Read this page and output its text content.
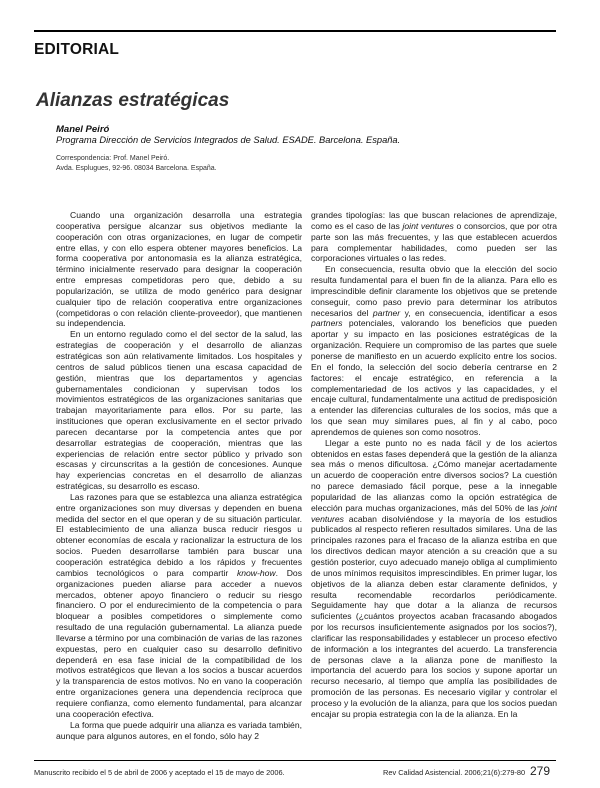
EDITORIAL
Alianzas estratégicas
Manel Peiró
Programa Dirección de Servicios Integrados de Salud. ESADE. Barcelona. España.
Correspondencia: Prof. Manel Peiró.
Avda. Esplugues, 92-96. 08034 Barcelona. España.

Cuando una organización desarrolla una estrategia cooperativa persigue alcanzar sus objetivos mediante la cooperación con otras organizaciones, en lugar de competir entre ellas, y con ello espera obtener mayores beneficios. La forma cooperativa por antonomasia es la alianza estratégica, término inicialmente reservado para designar la cooperación entre empresas competidoras pero que, debido a su popularización, se utiliza de modo genérico para designar cualquier tipo de relación cooperativa entre organizaciones (competidoras o con relación cliente-proveedor), que mantienen su independencia.

En un entorno regulado como el del sector de la salud, las estrategias de cooperación y el desarrollo de alianzas estratégicas son aún relativamente limitados. Los hospitales y centros de salud públicos tienen una escasa capacidad de gestión, mientras que los departamentos y agencias gubernamentales condicionan y supervisan todos los movimientos estratégicos de las organizaciones sanitarias que trabajan mayoritariamente para ellos. Por su parte, las instituciones que operan exclusivamente en el sector privado parecen decantarse por la competencia antes que por desarrollar estrategias de cooperación, mientras que las experiencias de relación entre sector público y privado son escasas y circunscritas a la gestión de concesiones. Aunque hay experiencias concretas en el desarrollo de alianzas estratégicas, su desarrollo es escaso.

Las razones para que se establezca una alianza estratégica entre organizaciones son muy diversas y dependen en buena medida del sector en el que operan y de su situación particular. El establecimiento de una alianza busca reducir riesgos u obtener economías de escala y racionalizar la estructura de los socios. Pueden desarrollarse también para buscar una cooperación estratégica debido a los rápidos y frecuentes cambios tecnológicos o para compartir know-how. Dos organizaciones pueden aliarse para acceder a nuevos mercados, obtener apoyo financiero o reducir su riesgo financiero. O por el endurecimiento de la competencia o para bloquear a posibles competidores o simplemente como resultado de una regulación gubernamental. La alianza puede llevarse a término por una combinación de varias de las razones expuestas, pero en cualquier caso su desarrollo definitivo dependerá en esa fase inicial de la compatibilidad de los motivos estratégicos que llevan a los socios a buscar acuerdos y la transparencia de estos motivos. No en vano la cooperación entre organizaciones genera una dependencia recíproca que requiere confianza, como elemento fundamental, para alcanzar una cooperación efectiva.

La forma que puede adquirir una alianza es variada también, aunque para algunos autores, en el fondo, sólo hay 2

grandes tipologías: las que buscan relaciones de aprendizaje, como es el caso de las joint ventures o consorcios, que por otra parte son las más frecuentes, y las que establecen acuerdos para complementar habilidades, como pueden ser las corporaciones virtuales o las redes.

En consecuencia, resulta obvio que la elección del socio resulta fundamental para el buen fin de la alianza. Para ello es imprescindible definir claramente los objetivos que se pretende conseguir, como paso previo para determinar los atributos necesarios del partner y, en consecuencia, identificar a esos partners potenciales, valorando los beneficios que pueden aportar y su impacto en las posiciones estratégicas de la organización. Requiere un compromiso de las partes que suele ponerse de manifiesto en un acuerdo explícito entre los socios. En el fondo, la selección del socio debería centrarse en 2 factores: el encaje estratégico, en referencia a la complementariedad de los activos y las capacidades, y el encaje cultural, fundamentalmente una actitud de predisposición a entender las diferencias culturales de los socios, más que a los que sean muy similares pues, al fin y al cabo, poco aprendemos de quienes son como nosotros.

Llegar a este punto no es nada fácil y de los aciertos obtenidos en estas fases dependerá que la gestión de la alianza sea más o menos dificultosa. ¿Cómo manejar acertadamente un acuerdo de cooperación entre diversos socios? La cuestión no parece demasiado fácil porque, pese a la innegable popularidad de las alianzas como la opción estratégica de elección para muchas organizaciones, más del 50% de las joint ventures acaban disolviéndose y la mayoría de los estudios publicados al respecto refieren resultados similares. Una de las principales razones para el fracaso de la alianza estriba en que los directivos dedican mayor atención a su creación que a su gestión posterior, cuyo adecuado manejo obliga al cumplimiento de unos mínimos requisitos imprescindibles. En primer lugar, los objetivos de la alianza deben estar claramente definidos, y resulta recomendable recordarlos periódicamente. Seguidamente hay que dotar a la alianza de recursos suficientes (¿cuántos proyectos acaban fracasando abogados por los recursos insuficientemente asignados por los socios?), clarificar las responsabilidades y establecer un proceso efectivo de información a los integrantes del acuerdo. La transferencia de personas clave a la alianza pone de manifiesto la importancia del acuerdo para los socios y supone aportar un recurso necesario, al tiempo que amplía las posibilidades de promoción de las personas. Es necesario vigilar y controlar el proceso y la evolución de la alianza, para que los socios puedan encajar su propia estrategia con la de la alianza. En la

Manuscrito recibido el 5 de abril de 2006 y aceptado el 15 de mayo de 2006.	Rev Calidad Asistencial. 2006;21(6):279-80 279
